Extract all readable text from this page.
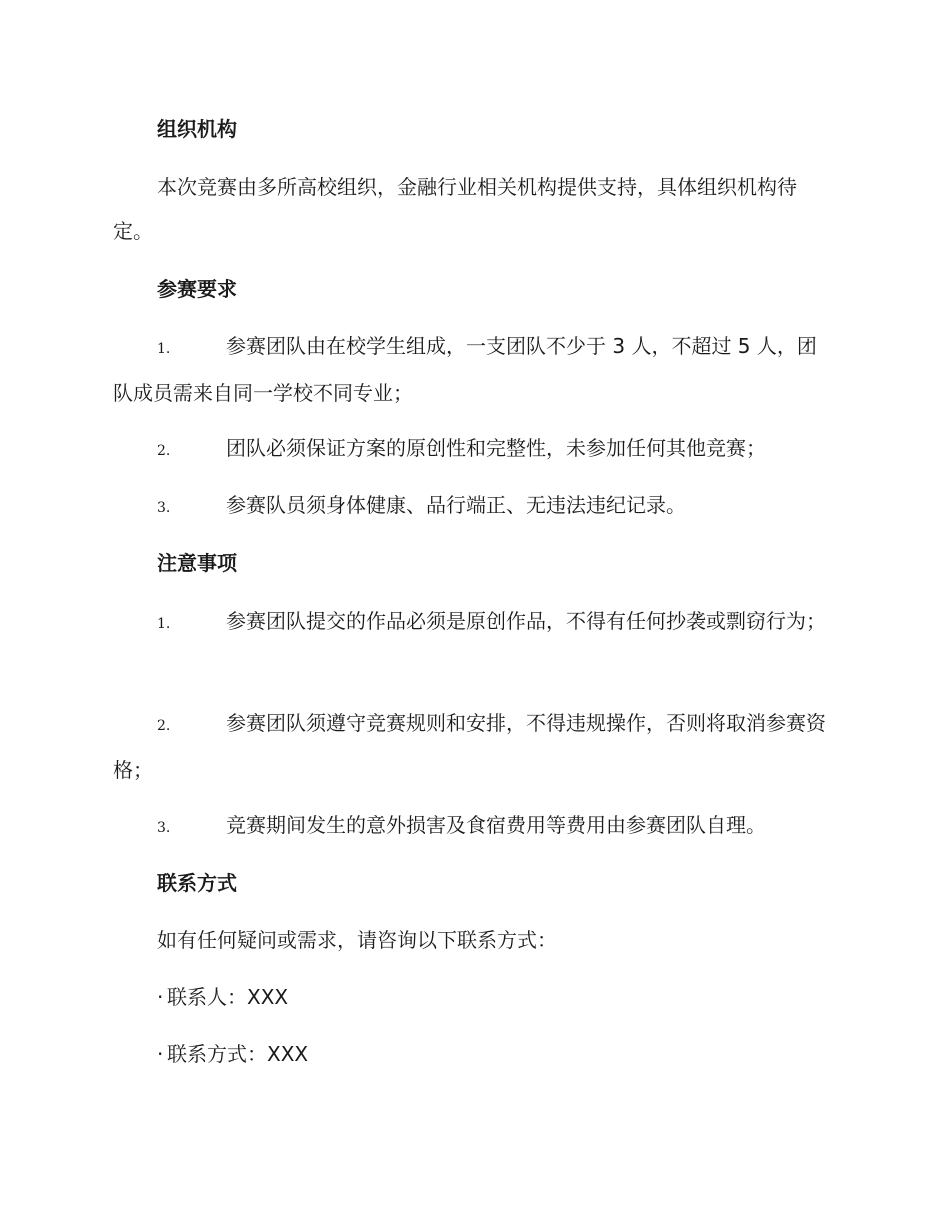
组织机构
本次竞赛由多所高校组织，金融行业相关机构提供支持，具体组织机构待定。
参赛要求
1.	参赛团队由在校学生组成，一支团队不少于 3 人，不超过 5 人，团队成员需来自同一学校不同专业；
2.	团队必须保证方案的原创性和完整性，未参加任何其他竞赛；
3.	参赛队员须身体健康、品行端正、无违法违纪记录。
注意事项
1.	参赛团队提交的作品必须是原创作品，不得有任何抄袭或剽窃行为；
2.	参赛团队须遵守竞赛规则和安排，不得违规操作，否则将取消参赛资格；
3.	竞赛期间发生的意外损害及食宿费用等费用由参赛团队自理。
联系方式
如有任何疑问或需求，请咨询以下联系方式：
· 联系人：XXX
· 联系方式：XXX
